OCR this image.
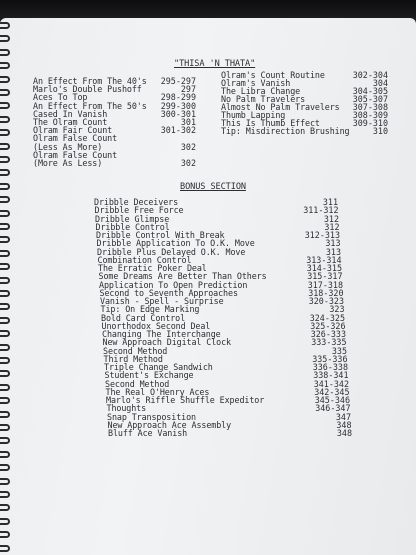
"THISA 'N THATA"
BONUS SECTION
An Effect From The 40's 295-297
Marlo's Double Pushoff	297
Aces To Top	298-299
An Effect From The 50's 299-300
Cased In Vanish	300-301
The Olram Count	301
Olram Fair Count	301-302
Olram False Count
(Less As More)	302
Olram False Count
(More As Less)	302
Olram's Count Routine	302-304
Olram's Vanish	304
The Libra Change	304-305
No Palm Travelers	305-307
Almost No Palm Travelers 307-308
Thumb Lapping	308-309
This Is Thumb Effect	309-310
Tip: Misdirection Brushing	310
Dribble Deceivers	311
Dribble Free Force	311-312
Dribble Glimpse	312
Dribble Control	312
Dribble Control With Break	312-313
Dribble Application To O.K. Move	313
Dribble Plus Delayed O.K. Move	313
Combination Control	313-314
The Erratic Poker Deal	314-315
Some Dreams Are Better Than Others	315-317
Application To Open Prediction	317-318
Second to Seventh Approaches	318-320
Vanish - Spell - Surprise	320-323
Tip: On Edge Marking	323
Bold Card Control	324-325
Unorthodox Second Deal	325-326
Changing The Interchange	326-333
New Approach Digital Clock	333-335
Second Method	335
Third Method	335-336
Triple Change Sandwich	336-338
Student's Exchange	338-341
Second Method	341-342
The Real O'Henry Aces	342-345
Marlo's Riffle Shuffle Expeditor	345-346
Thoughts	346-347
Snap Transposition	347
New Approach Ace Assembly	348
Bluff Ace Vanish	348
